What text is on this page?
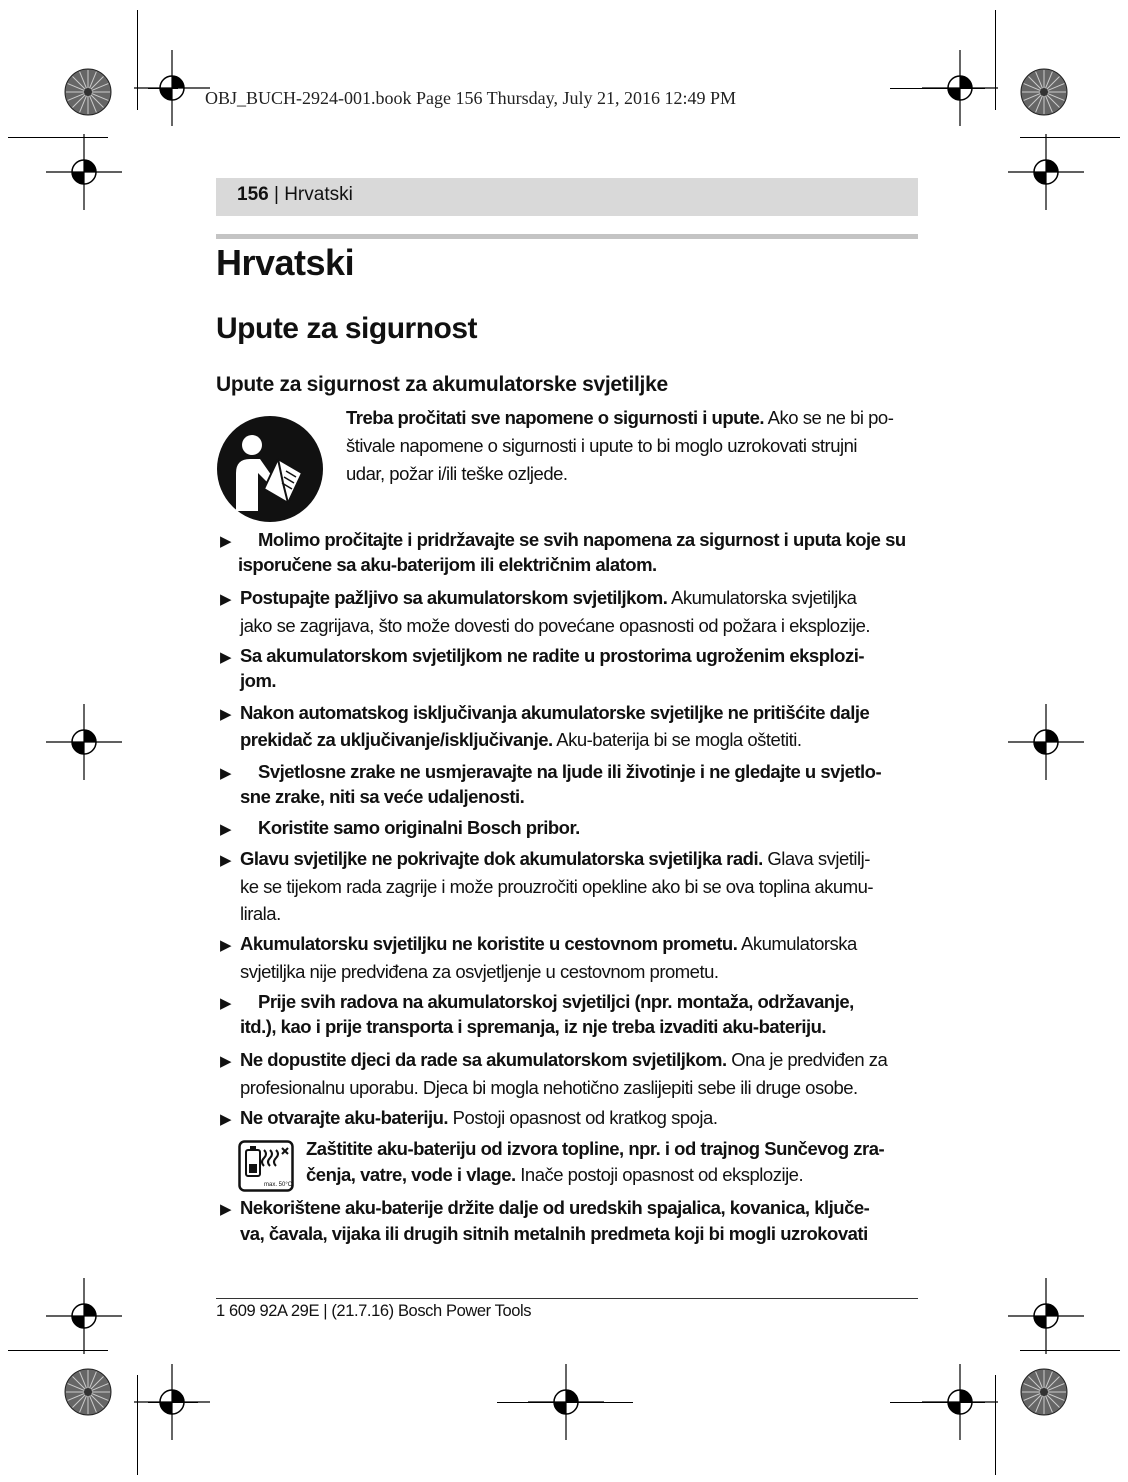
OBJ_BUCH-2924-001.book Page 156 Thursday, July 21, 2016 12:49 PM
156 | Hrvatski
Hrvatski
Upute za sigurnost
Upute za sigurnost za akumulatorske svjetiljke
Treba pročitati sve napomene o sigurnosti i upute. Ako se ne bi po-
štivale napomene o sigurnosti i upute to bi moglo uzrokovati strujni
udar, požar i/ili teške ozljede.
▶ Molimo pročitajte i pridržavajte se svih napomena za sigurnost i uputa koje su
isporučene sa aku-baterijom ili električnim alatom.
▶ Postupajte pažljivo sa akumulatorskom svjetiljkom. Akumulatorska svjetiljka
jako se zagrijava, što može dovesti do povećane opasnosti od požara i eksplozije.
▶ Sa akumulatorskom svjetiljkom ne radite u prostorima ugroženim eksplozi-
jom.
▶ Nakon automatskog isključivanja akumulatorske svjetiljke ne pritišćite dalje
prekidač za uključivanje/isključivanje. Aku-baterija bi se mogla oštetiti.
▶ Svjetlosne zrake ne usmjeravajte na ljude ili životinje i ne gledajte u svjetlo-
sne zrake, niti sa veće udaljenosti.
▶ Koristite samo originalni Bosch pribor.
▶ Glavu svjetiljke ne pokrivajte dok akumulatorska svjetiljka radi. Glava svjetilj-
ke se tijekom rada zagrije i može prouzročiti opekline ako bi se ova toplina akumu-
lirala.
▶ Akumulatorsku svjetiljku ne koristite u cestovnom prometu. Akumulatorska
svjetiljka nije predviđena za osvjetljenje u cestovnom prometu.
▶ Prije svih radova na akumulatorskoj svjetiljci (npr. montaža, održavanje,
itd.), kao i prije transporta i spremanja, iz nje treba izvaditi aku-bateriju.
▶ Ne dopustite djeci da rade sa akumulatorskom svjetiljkom. Ona je predviđen za
profesionalnu uporabu. Djeca bi mogla nehotično zaslijepiti sebe ili druge osobe.
▶ Ne otvarajte aku-bateriju. Postoji opasnost od kratkog spoja.
max. 50°C
Zaštitite aku-bateriju od izvora topline, npr. i od trajnog Sunčevog zra-
čenja, vatre, vode i vlage. Inače postoji opasnost od eksplozije.
▶ Nekorištene aku-baterije držite dalje od uredskih spajalica, kovanica, ključe-
va, čavala, vijaka ili drugih sitnih metalnih predmeta koji bi mogli uzrokovati
1 609 92A 29E | (21.7.16) Bosch Power Tools
